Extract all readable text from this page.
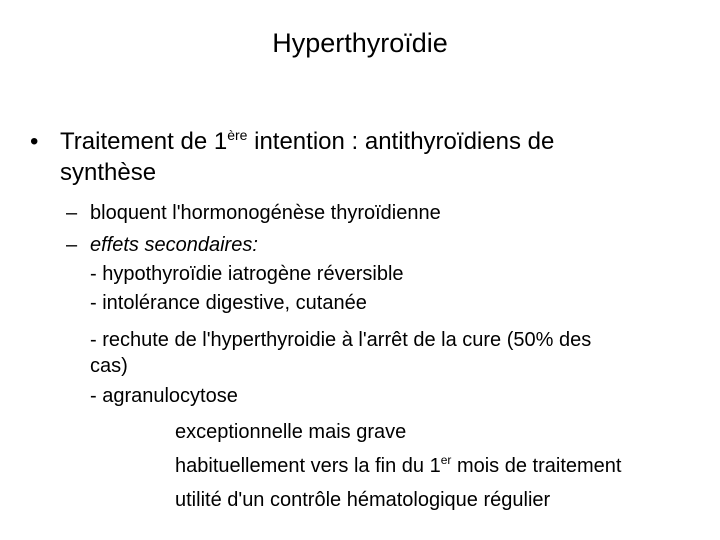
Hyperthyroïdie
• Traitement de 1ère intention : antithyroïdiens de
synthèse
– bloquent l'hormonogénèse thyroïdienne
– effets secondaires:
- hypothyroïdie iatrogène réversible
- intolérance digestive, cutanée
- rechute de l'hyperthyroidie à l'arrêt de la cure (50% des
cas)
- agranulocytose
exceptionnelle mais grave
habituellement vers la fin du 1er mois de traitement
utilité d'un contrôle hématologique régulier
